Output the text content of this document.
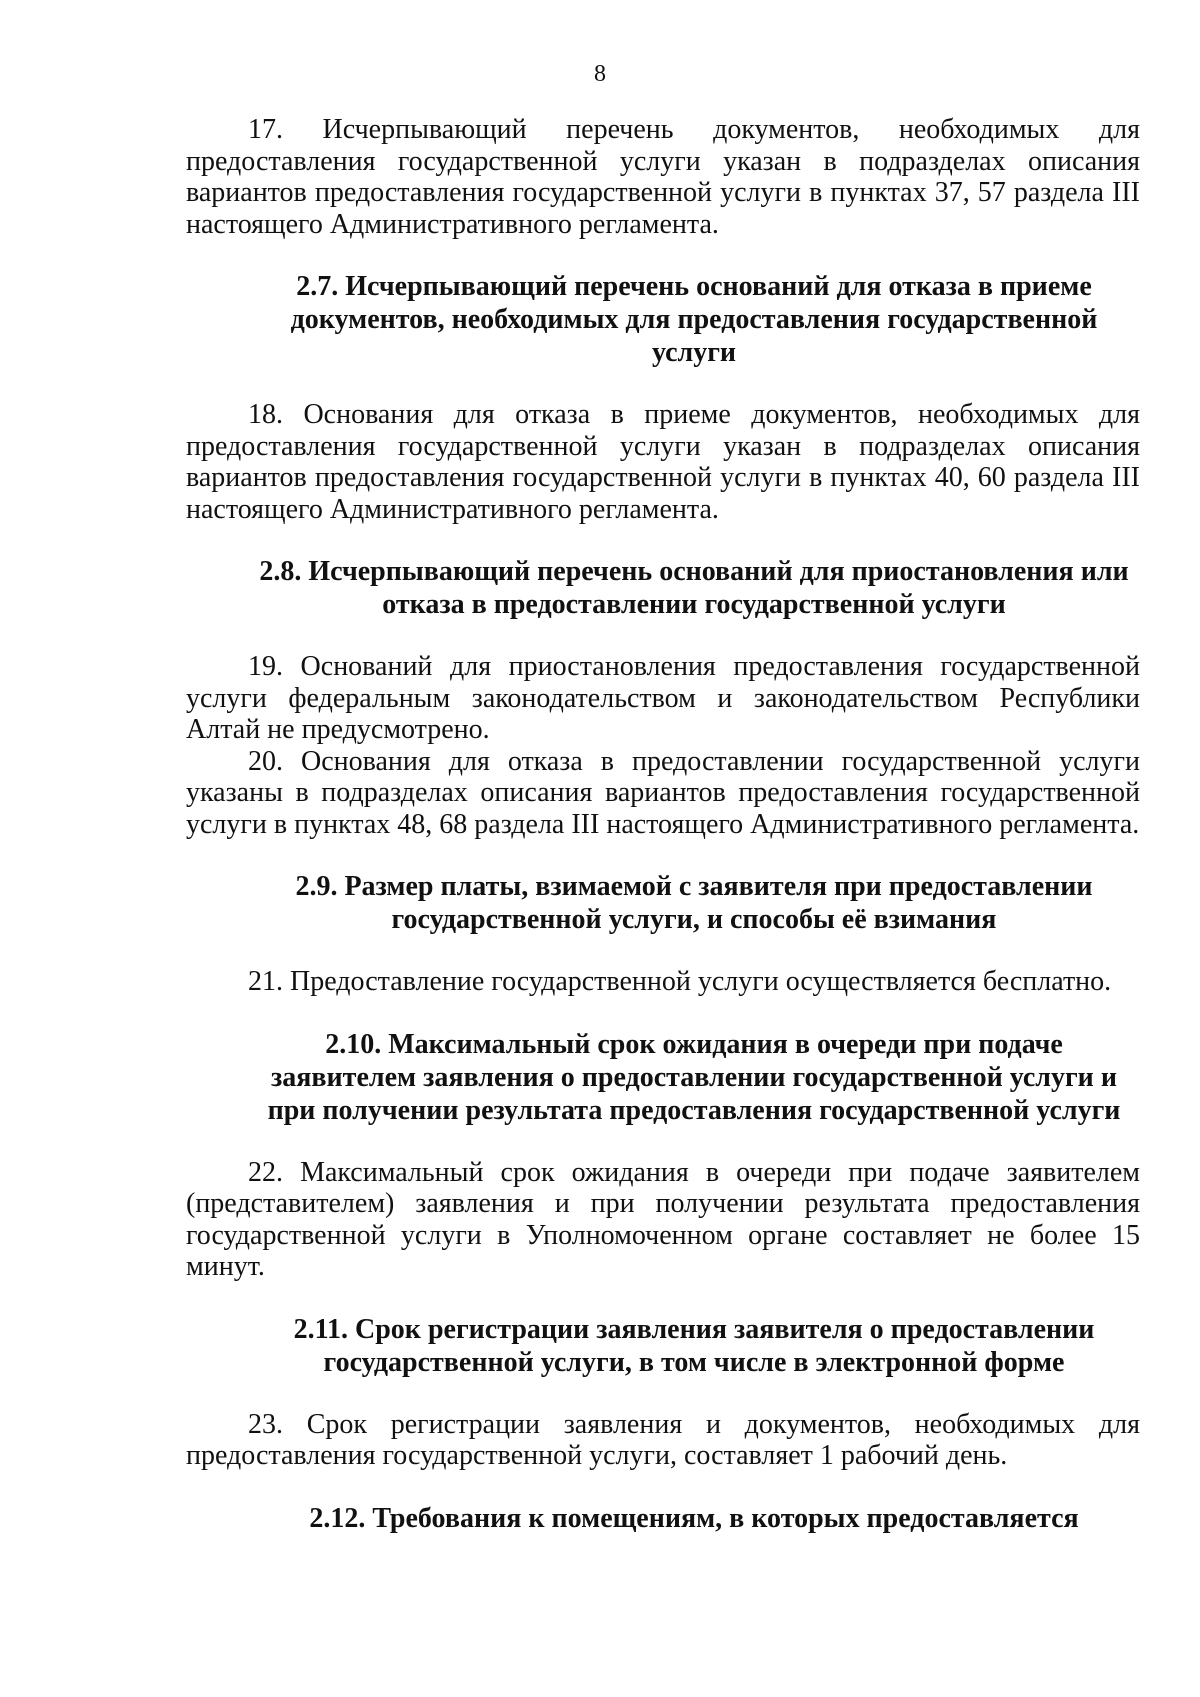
8

17. Исчерпывающий перечень документов, необходимых для предоставления государственной услуги указан в подразделах описания вариантов предоставления государственной услуги в пунктах 37, 57 раздела III настоящего Административного регламента.

2.7. Исчерпывающий перечень оснований для отказа в приеме
документов, необходимых для предоставления государственной услуги

18. Основания для отказа в приеме документов, необходимых для предоставления государственной услуги указан в подразделах описания вариантов предоставления государственной услуги в пунктах 40, 60 раздела III настоящего Административного регламента.

2.8. Исчерпывающий перечень оснований для приостановления или
отказа в предоставлении государственной услуги

19. Оснований для приостановления предоставления государственной услуги федеральным законодательством и законодательством Республики Алтай не предусмотрено.

20. Основания для отказа в предоставлении государственной услуги указаны в подразделах описания вариантов предоставления государственной услуги в пунктах 48, 68 раздела III настоящего Административного регламента.

2.9. Размер платы, взимаемой с заявителя при предоставлении
государственной услуги, и способы её взимания

21. Предоставление государственной услуги осуществляется бесплатно.

2.10. Максимальный срок ожидания в очереди при подаче
заявителем заявления о предоставлении государственной услуги и
при получении результата предоставления государственной услуги

22. Максимальный срок ожидания в очереди при подаче заявителем (представителем) заявления и при получении результата предоставления государственной услуги в Уполномоченном органе составляет не более 15 минут.

2.11. Срок регистрации заявления заявителя о предоставлении
государственной услуги, в том числе в электронной форме

23. Срок регистрации заявления и документов, необходимых для предоставления государственной услуги, составляет 1 рабочий день.

2.12. Требования к помещениям, в которых предоставляется
